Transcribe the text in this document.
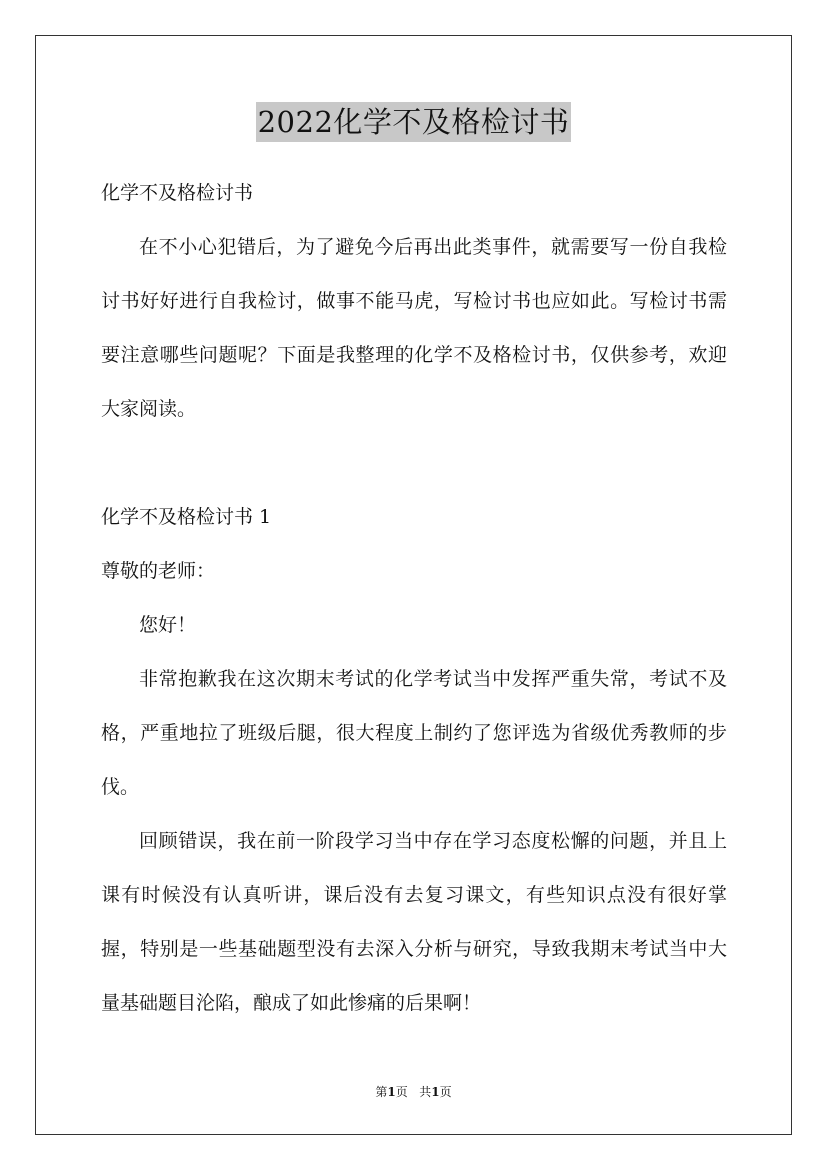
2022化学不及格检讨书

化学不及格检讨书

在不小心犯错后，为了避免今后再出此类事件，就需要写一份自我检讨书好好进行自我检讨，做事不能马虎，写检讨书也应如此。写检讨书需要注意哪些问题呢？下面是我整理的化学不及格检讨书，仅供参考，欢迎大家阅读。

化学不及格检讨书 1

尊敬的老师：

您好！

非常抱歉我在这次期末考试的化学考试当中发挥严重失常，考试不及格，严重地拉了班级后腿，很大程度上制约了您评选为省级优秀教师的步伐。

回顾错误，我在前一阶段学习当中存在学习态度松懈的问题，并且上课有时候没有认真听讲，课后没有去复习课文，有些知识点没有很好掌握，特别是一些基础题型没有去深入分析与研究，导致我期末考试当中大量基础题目沦陷，酿成了如此惨痛的后果啊！

第1页 共1页
